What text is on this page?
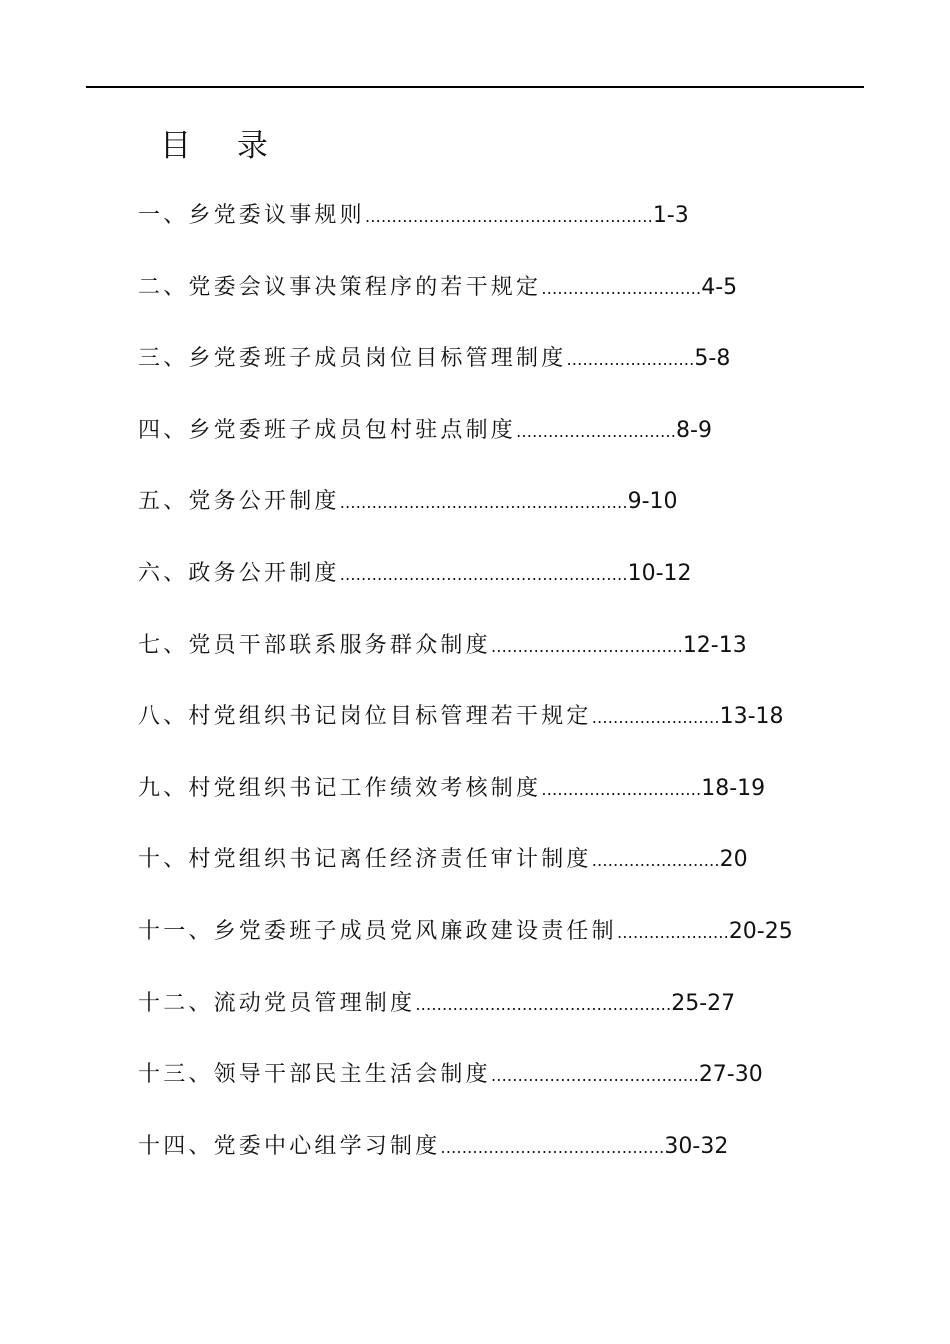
目 录
一、乡党委议事规则………………………………………………1-3
二、党委会议事决策程序的若干规定…………………………4-5
三、乡党委班子成员岗位目标管理制度……………………5-8
四、乡党委班子成员包村驻点制度…………………………8-9
五、党务公开制度………………………………………………9-10
六、政务公开制度………………………………………………10-12
七、党员干部联系服务群众制度………………………………12-13
八、村党组织书记岗位目标管理若干规定……………………13-18
九、村党组织书记工作绩效考核制度…………………………18-19
十、村党组织书记离任经济责任审计制度……………………20
十一、乡党委班子成员党风廉政建设责任制…………………20-25
十二、流动党员管理制度…………………………………………25-27
十三、领导干部民主生活会制度…………………………………27-30
十四、党委中心组学习制度……………………………………30-32
